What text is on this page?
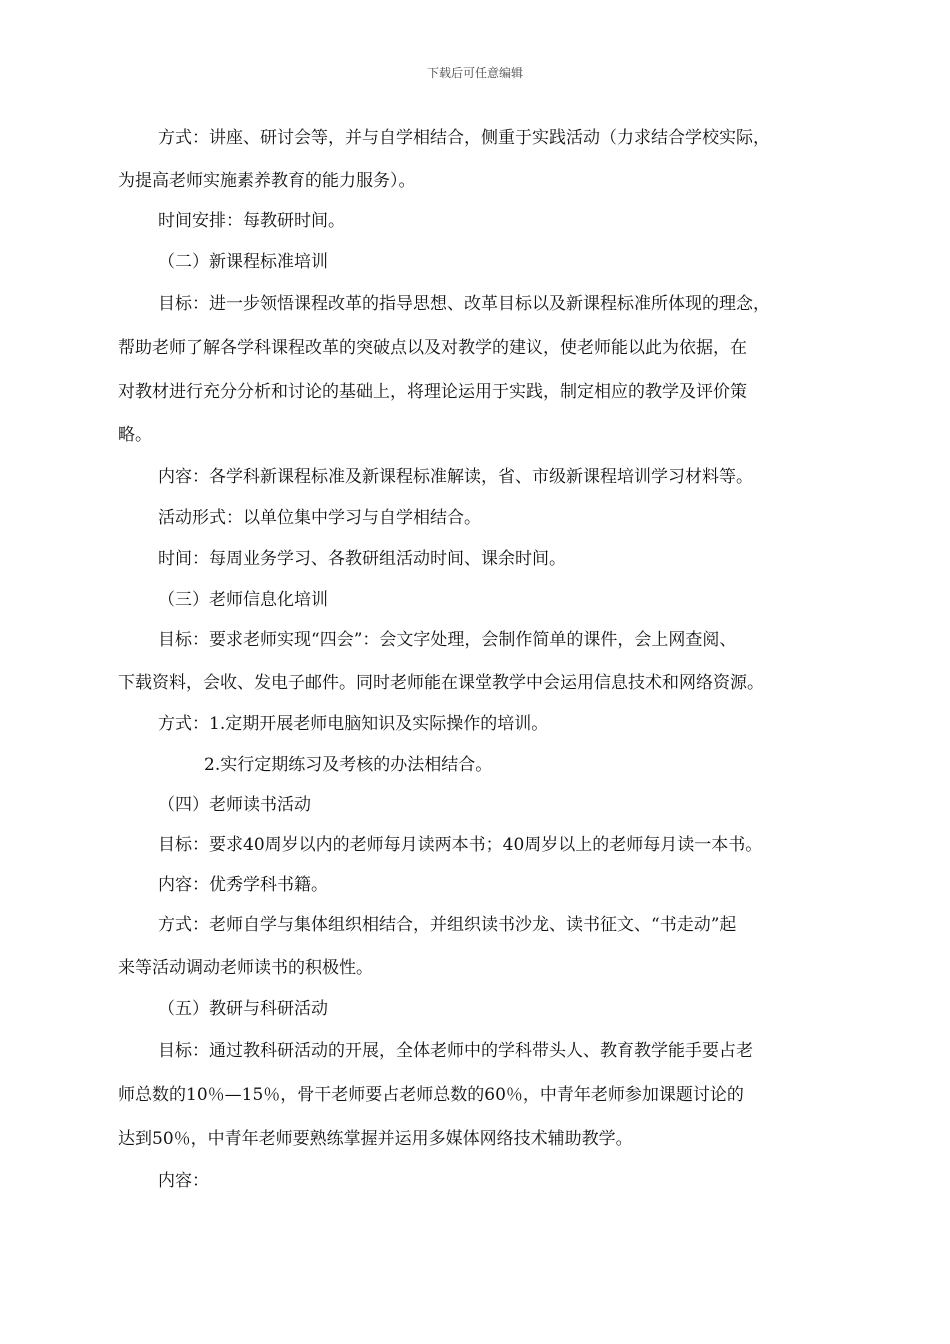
下载后可任意编辑
方式：讲座、研讨会等，并与自学相结合，侧重于实践活动（力求结合学校实际，
为提高老师实施素养教育的能力服务）。
时间安排：每教研时间。
（二）新课程标准培训
目标：进一步领悟课程改革的指导思想、改革目标以及新课程标准所体现的理念，
帮助老师了解各学科课程改革的突破点以及对教学的建议，使老师能以此为依据，在
对教材进行充分分析和讨论的基础上，将理论运用于实践，制定相应的教学及评价策
略。
内容：各学科新课程标准及新课程标准解读，省、市级新课程培训学习材料等。
活动形式：以单位集中学习与自学相结合。
时间：每周业务学习、各教研组活动时间、课余时间。
（三）老师信息化培训
目标：要求老师实现“四会”：会文字处理，会制作简单的课件，会上网查阅、
下载资料，会收、发电子邮件。同时老师能在课堂教学中会运用信息技术和网络资源。
方式：1.定期开展老师电脑知识及实际操作的培训。
2.实行定期练习及考核的办法相结合。
（四）老师读书活动
目标：要求40周岁以内的老师每月读两本书；40周岁以上的老师每月读一本书。
内容：优秀学科书籍。
方式：老师自学与集体组织相结合，并组织读书沙龙、读书征文、“书走动”起
来等活动调动老师读书的积极性。
（五）教研与科研活动
目标：通过教科研活动的开展，全体老师中的学科带头人、教育教学能手要占老
师总数的10％—15％，骨干老师要占老师总数的60％，中青年老师参加课题讨论的
达到50％，中青年老师要熟练掌握并运用多媒体网络技术辅助教学。
内容：
